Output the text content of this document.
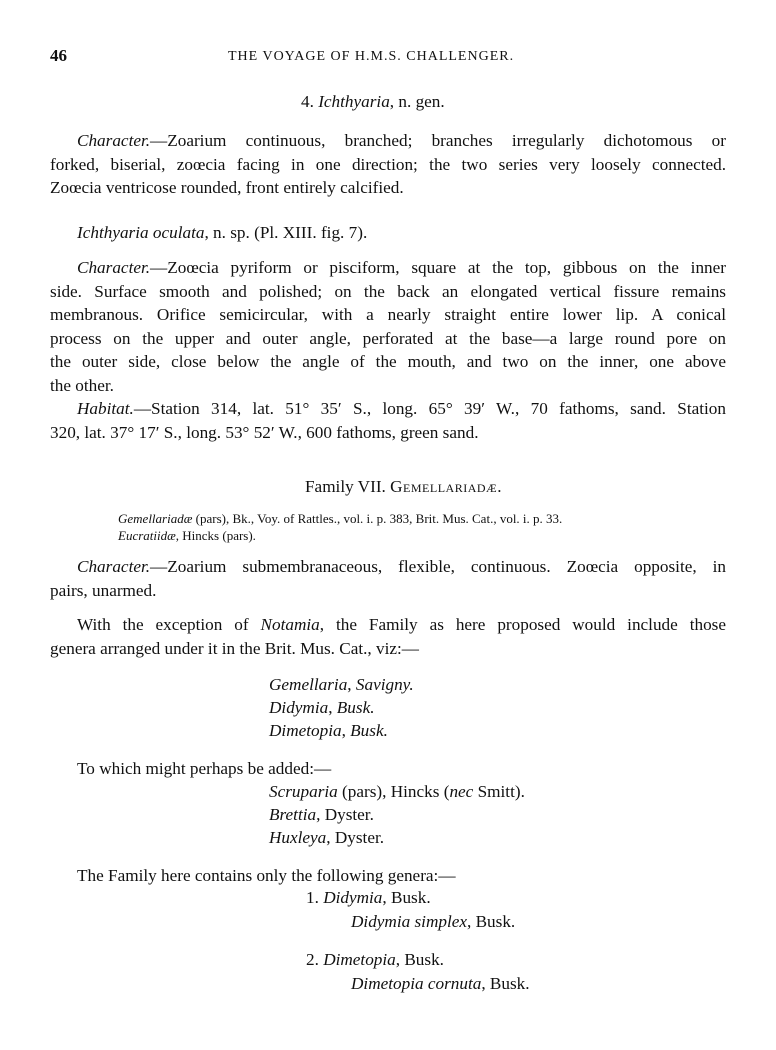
46	THE VOYAGE OF H.M.S. CHALLENGER.
4. Ichthyaria, n. gen.
Character.—Zoarium continuous, branched; branches irregularly dichotomous or
forked, biserial, zoœcia facing in one direction; the two series very loosely connected.
Zoœcia ventricose rounded, front entirely calcified.
Ichthyaria oculata, n. sp. (Pl. XIII. fig. 7).
Character.—Zoœcia pyriform or pisciform, square at the top, gibbous on the inner
side. Surface smooth and polished; on the back an elongated vertical fissure remains
membranous. Orifice semicircular, with a nearly straight entire lower lip. A conical
process on the upper and outer angle, perforated at the base—a large round pore on
the outer side, close below the angle of the mouth, and two on the inner, one above
the other.
Habitat.—Station 314, lat. 51° 35′ S., long. 65° 39′ W., 70 fathoms, sand. Station
320, lat. 37° 17′ S., long. 53° 52′ W., 600 fathoms, green sand.
Family VII. Gemellariadæ.
Gemellariadæ (pars), Bk., Voy. of Rattles., vol. i. p. 383, Brit. Mus. Cat., vol. i. p. 33.
Eucratiidæ, Hincks (pars).
Character.—Zoarium submembranaceous, flexible, continuous. Zoœcia opposite, in
pairs, unarmed.
With the exception of Notamia, the Family as here proposed would include those
genera arranged under it in the Brit. Mus. Cat., viz:—
Gemellaria, Savigny.
Didymia, Busk.
Dimetopia, Busk.
To which might perhaps be added:—
Scruparia (pars), Hincks (nec Smitt).
Brettia, Dyster.
Huxleya, Dyster.
The Family here contains only the following genera:—
1. Didymia, Busk.
Didymia simplex, Busk.
2. Dimetopia, Busk.
Dimetopia cornuta, Busk.
